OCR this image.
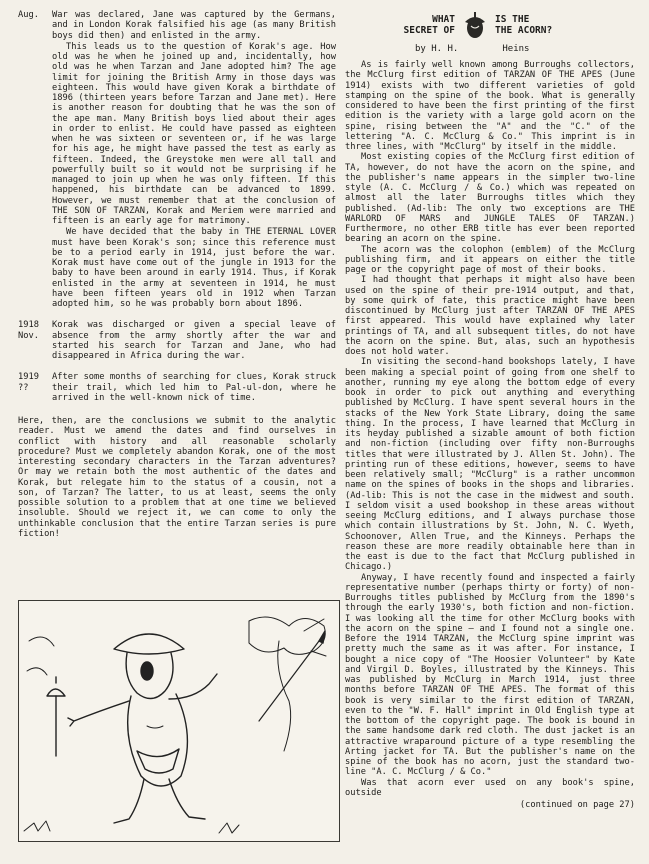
Aug.	War was declared, Jane was captured by the Germans, and in London Korak falsified his age (as many British boys did then) and enlisted in the army.

This leads us to the question of Korak's age. How old was he when he joined up and, incidentally, how old was he when Tarzan and Jane adopted him? The age limit for joining the British Army in those days was eighteen. This would have given Korak a birthdate of 1896 (thirteen years before Tarzan and Jane met). Here is another reason for doubting that he was the son of the ape man. Many British boys lied about their ages in order to enlist. He could have passed as eighteen when he was sixteen or seventeen or, if he was large for his age, he might have passed the test as early as fifteen. Indeed, the Greystoke men were all tall and powerfully built so it would not be surprising if he managed to join up when he was only fifteen. If this happened, his birthdate can be advanced to 1899. However, we must remember that at the conclusion of THE SON OF TARZAN, Korak and Meriem were married and fifteen is an early age for matrimony.

We have decided that the baby in THE ETERNAL LOVER must have been Korak's son; since this reference must be to a period early in 1914, just before the war. Korak must have come out of the jungle in 1913 for the baby to have been around in early 1914. Thus, if Korak enlisted in the army at seventeen in 1914, he must have been fifteen years old in 1912 when Tarzan adopted him, so he was probably born about 1896.

1918
Nov.

Korak was discharged or given a special leave of absence from the army shortly after the war and started his search for Tarzan and Jane, who had disappeared in Africa during the war.

1919
??

After some months of searching for clues, Korak struck their trail, which led him to Pal-ul-don, where he arrived in the well-known nick of time.

Here, then, are the conclusions we submit to the analytic reader. Must we amend the dates and find ourselves in conflict with history and all reasonable scholarly procedure? Must we completely abandon Korak, one of the most interesting secondary characters in the Tarzan adventures? Or may we retain both the most authentic of the dates and Korak, but relegate him to the status of a cousin, not a son, of Tarzan? The latter, to us at least, seems the only possible solution to a problem that at one time we believed insoluble. Should we reject it, we can come to only the unthinkable conclusion that the entire Tarzan series is pure fiction!
WHAT
SECRET OF
IS THE
THE ACORN?
by H. H.	Heins

As is fairly well known among Burroughs collectors, the McClurg first edition of TARZAN OF THE APES (June 1914) exists with two different varieties of gold stamping on the spine of the book. What is generally considered to have been the first printing of the first edition is the variety with a large gold acorn on the spine, rising between the "A" and the "C." of the lettering "A. C. McClurg & Co." This imprint is in three lines, with "McClurg" by itself in the middle.

Most existing copies of the McClurg first edition of TA, however, do not have the acorn on the spine, and the publisher's name appears in the simpler two-line style (A. C. McClurg / & Co.) which was repeated on almost all the later Burroughs titles which they published. (Ad-lib: The only two exceptions are THE WARLORD OF MARS and JUNGLE TALES OF TARZAN.) Furthermore, no other ERB title has ever been reported bearing an acorn on the spine.

The acorn was the colophon (emblem) of the McClurg publishing firm, and it appears on either the title page or the copyright page of most of their books.

I had thought that perhaps it might also have been used on the spine of their pre-1914 output, and that, by some quirk of fate, this practice might have been discontinued by McClurg just after TARZAN OF THE APES first appeared. This would have explained why later printings of TA, and all subsequent titles, do not have the acorn on the spine. But, alas, such an hypothesis does not hold water.

In visiting the second-hand bookshops lately, I have been making a special point of going from one shelf to another, running my eye along the bottom edge of every book in order to pick out anything and everything published by McClurg. I have spent several hours in the stacks of the New York State Library, doing the same thing. In the process, I have learned that McClurg in its heyday published a sizable amount of both fiction and non-fiction (including over fifty non-Burroughs titles that were illustrated by J. Allen St. John). The printing run of these editions, however, seems to have been relatively small; "McClurg" is a rather uncommon name on the spines of books in the shops and libraries. (Ad-lib: This is not the case in the midwest and south. I seldom visit a used bookshop in these areas without seeing McClurg editions, and I always purchase those which contain illustrations by St. John, N. C. Wyeth, Schoonover, Allen True, and the Kinneys. Perhaps the reason these are more readily obtainable here than in the east is due to the fact that McClurg published in Chicago.)

Anyway, I have recently found and inspected a fairly representative number (perhaps thirty or forty) of non-Burroughs titles published by McClurg from the 1890's through the early 1930's, both fiction and non-fiction. I was looking all the time for other McClurg books with the acorn on the spine — and I found not a single one. Before the 1914 TARZAN, the McClurg spine imprint was pretty much the same as it was after. For instance, I bought a nice copy of "The Hoosier Volunteer" by Kate and Virgil D. Boyles, illustrated by the Kinneys. This was published by McClurg in March 1914, just three months before TARZAN OF THE APES. The format of this book is very similar to the first edition of TARZAN, even to the "W. F. Hall" imprint in Old English type at the bottom of the copyright page. The book is bound in the same handsome dark red cloth. The dust jacket is an attractive wraparound picture of a type resembling the Arting jacket for TA. But the publisher's name on the spine of the book has no acorn, just the standard two-line "A. C. McClurg / & Co."

Was that acorn ever used on any book's spine, outside

(continued on page 27)
